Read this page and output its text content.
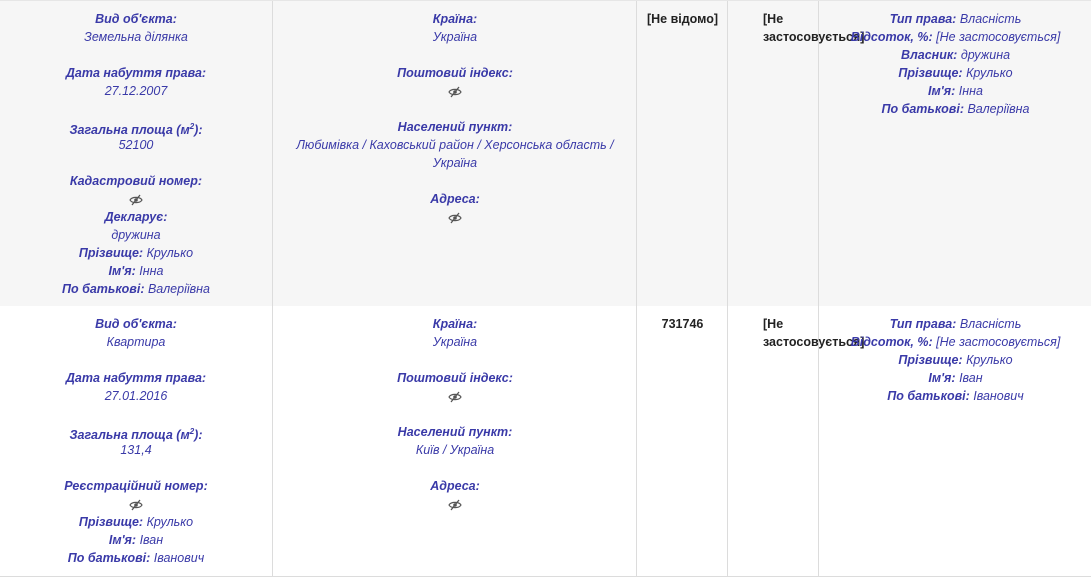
Вид об'єкта:
Земельна ділянка
Дата набуття права:
27.12.2007
Загальна площа $(м^2)$:
52100
Кадастровий номер:
Декларує:
дружина
Прізвище: Крулько
Ім'я: Інна
По батькові: Валеріївна
Країна:
Україна
Поштовий індекс:
Населений пункт:
Любимівка / Каховський район / Херсонська область / Україна
Адреса:
[Не відомо]	[Не застосовується]
Тип права: Власність
Відсоток, %: [Не застосовується]
Власник: дружина
Прізвище: Крулько
Ім'я: Інна
По батькові: Валеріївна
Вид об'єкта:
Квартира
Дата набуття права:
27.01.2016
Загальна площа $(м^2)$:
131,4
Реєстраційний номер:
Прізвище: Крулько
Ім'я: Іван
По батькові: Іванович
Країна:
Україна
Поштовий індекс:
Населений пункт:
Київ / Україна
Адреса:
731746	[Не застосовується]
Тип права: Власність
Відсоток, %: [Не застосовується]
Прізвище: Крулько
Ім'я: Іван
По батькові: Іванович
